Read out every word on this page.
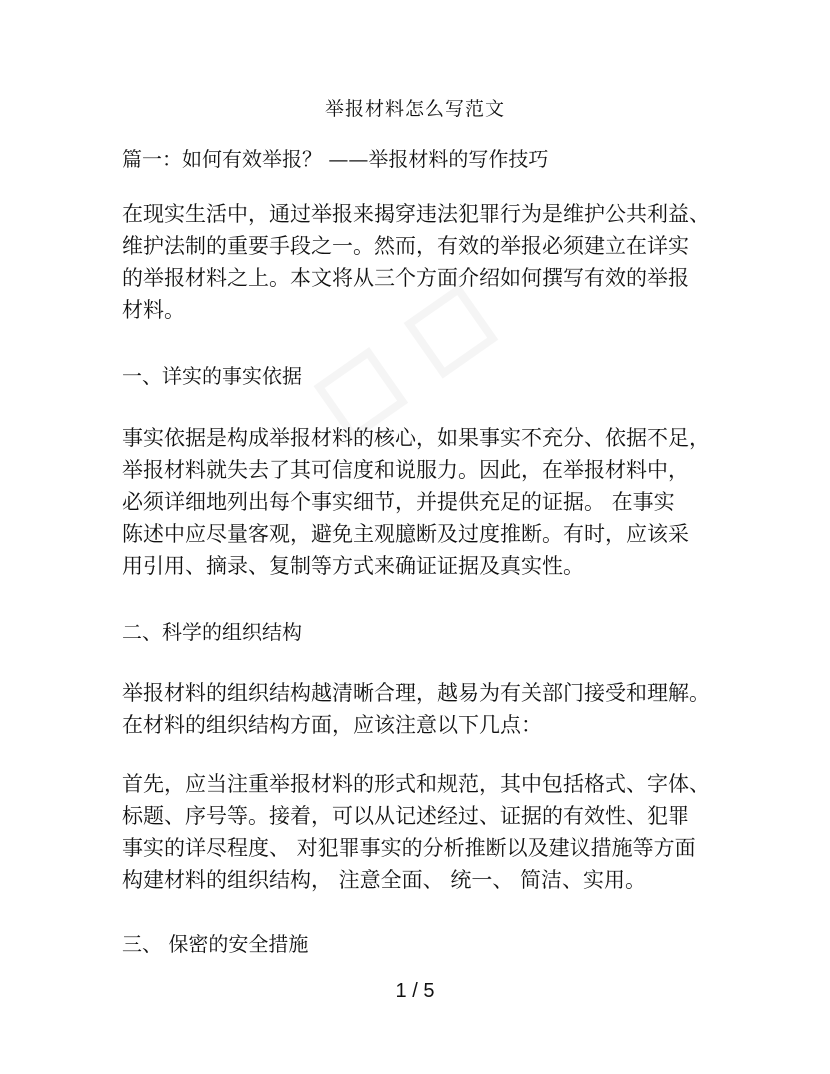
举报材料怎么写范文
篇一：如何有效举报？ ——举报材料的写作技巧
在现实生活中，通过举报来揭穿违法犯罪行为是维护公共利益、
维护法制的重要手段之一。然而，有效的举报必须建立在详实
的举报材料之上。本文将从三个方面介绍如何撰写有效的举报
材料。
一、详实的事实依据
事实依据是构成举报材料的核心，如果事实不充分、依据不足，
举报材料就失去了其可信度和说服力。因此，在举报材料中，
必须详细地列出每个事实细节，并提供充足的证据。 在事实
陈述中应尽量客观，避免主观臆断及过度推断。有时，应该采
用引用、摘录、复制等方式来确证证据及真实性。
二、科学的组织结构
举报材料的组织结构越清晰合理，越易为有关部门接受和理解。
在材料的组织结构方面，应该注意以下几点：
首先，应当注重举报材料的形式和规范，其中包括格式、字体、
标题、序号等。接着，可以从记述经过、证据的有效性、犯罪
事实的详尽程度、 对犯罪事实的分析推断以及建议措施等方面
构建材料的组织结构， 注意全面、 统一、 简洁、实用。
三、 保密的安全措施
1 / 5
